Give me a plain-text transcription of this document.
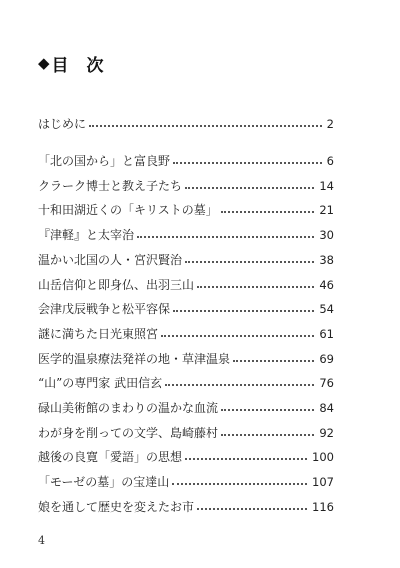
◆ 目 次
はじめに	2
「北の国から」と富良野	6
クラーク博士と教え子たち	14
十和田湖近くの「キリストの墓」	21
『津軽』と太宰治	30
温かい北国の人・宮沢賢治	38
山岳信仰と即身仏、出羽三山	46
会津戊辰戦争と松平容保	54
謎に満ちた日光東照宮	61
医学的温泉療法発祥の地・草津温泉	69
“山”の専門家 武田信玄	76
碌山美術館のまわりの温かな血流	84
わが身を削っての文学、島崎藤村	92
越後の良寛「愛語」の思想	100
「モーゼの墓」の宝達山	107
娘を通して歴史を変えたお市	116
4
